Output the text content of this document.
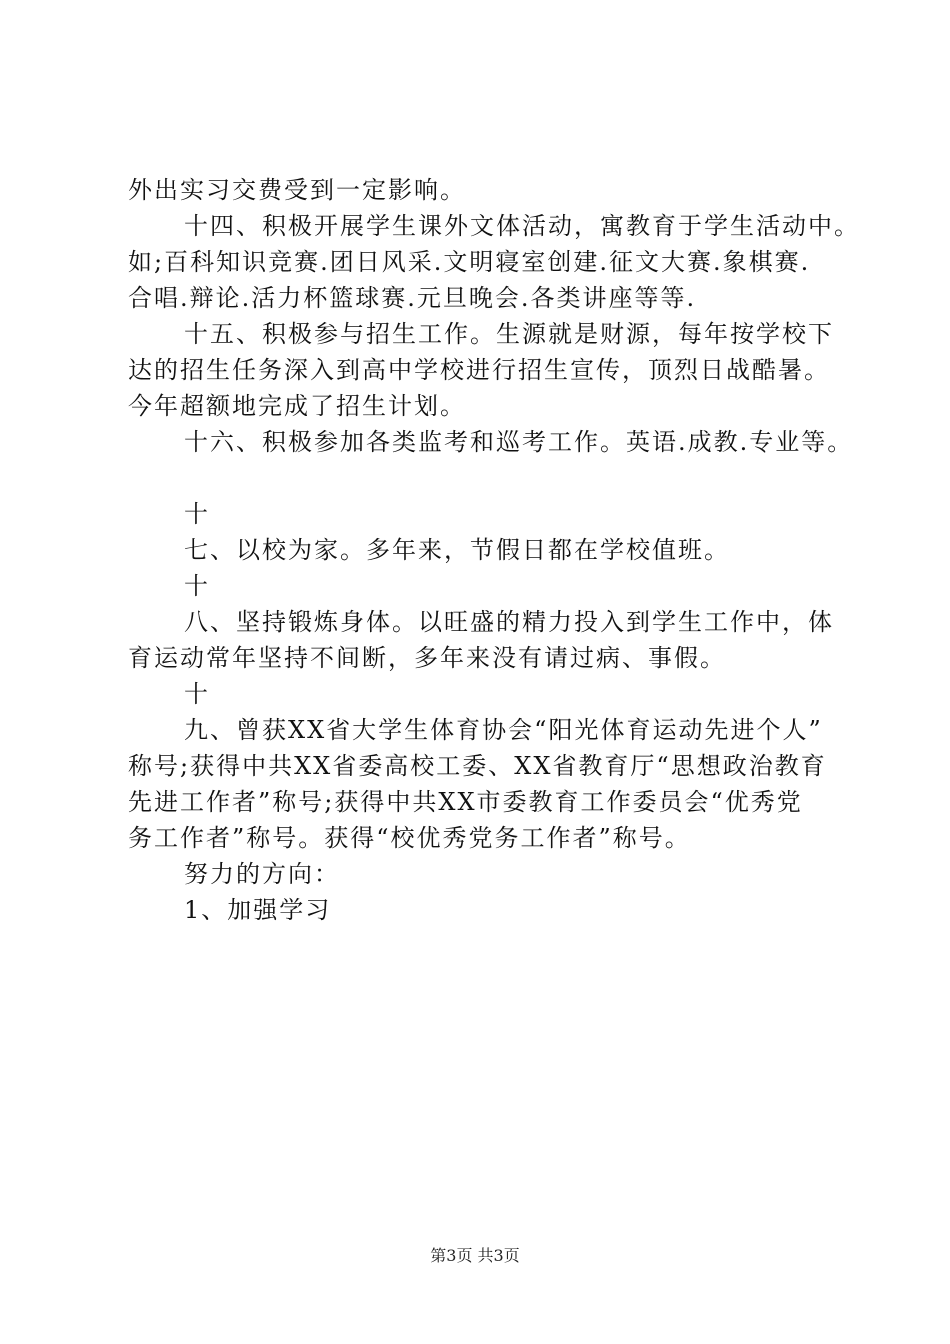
外出实习交费受到一定影响。
十四、积极开展学生课外文体活动，寓教育于学生活动中。
如;百科知识竞赛.团日风采.文明寝室创建.征文大赛.象棋赛.
合唱.辩论.活力杯篮球赛.元旦晚会.各类讲座等等.
十五、积极参与招生工作。生源就是财源，每年按学校下
达的招生任务深入到高中学校进行招生宣传，顶烈日战酷暑。
今年超额地完成了招生计划。
十六、积极参加各类监考和巡考工作。英语.成教.专业等。
十
七、以校为家。多年来，节假日都在学校值班。
十
八、坚持锻炼身体。以旺盛的精力投入到学生工作中，体
育运动常年坚持不间断，多年来没有请过病、事假。
十
九、曾获XX省大学生体育协会“阳光体育运动先进个人”
称号;获得中共XX省委高校工委、XX省教育厅“思想政治教育
先进工作者”称号;获得中共XX市委教育工作委员会“优秀党
务工作者”称号。获得“校优秀党务工作者”称号。
努力的方向：
1、加强学习
第3页 共3页
